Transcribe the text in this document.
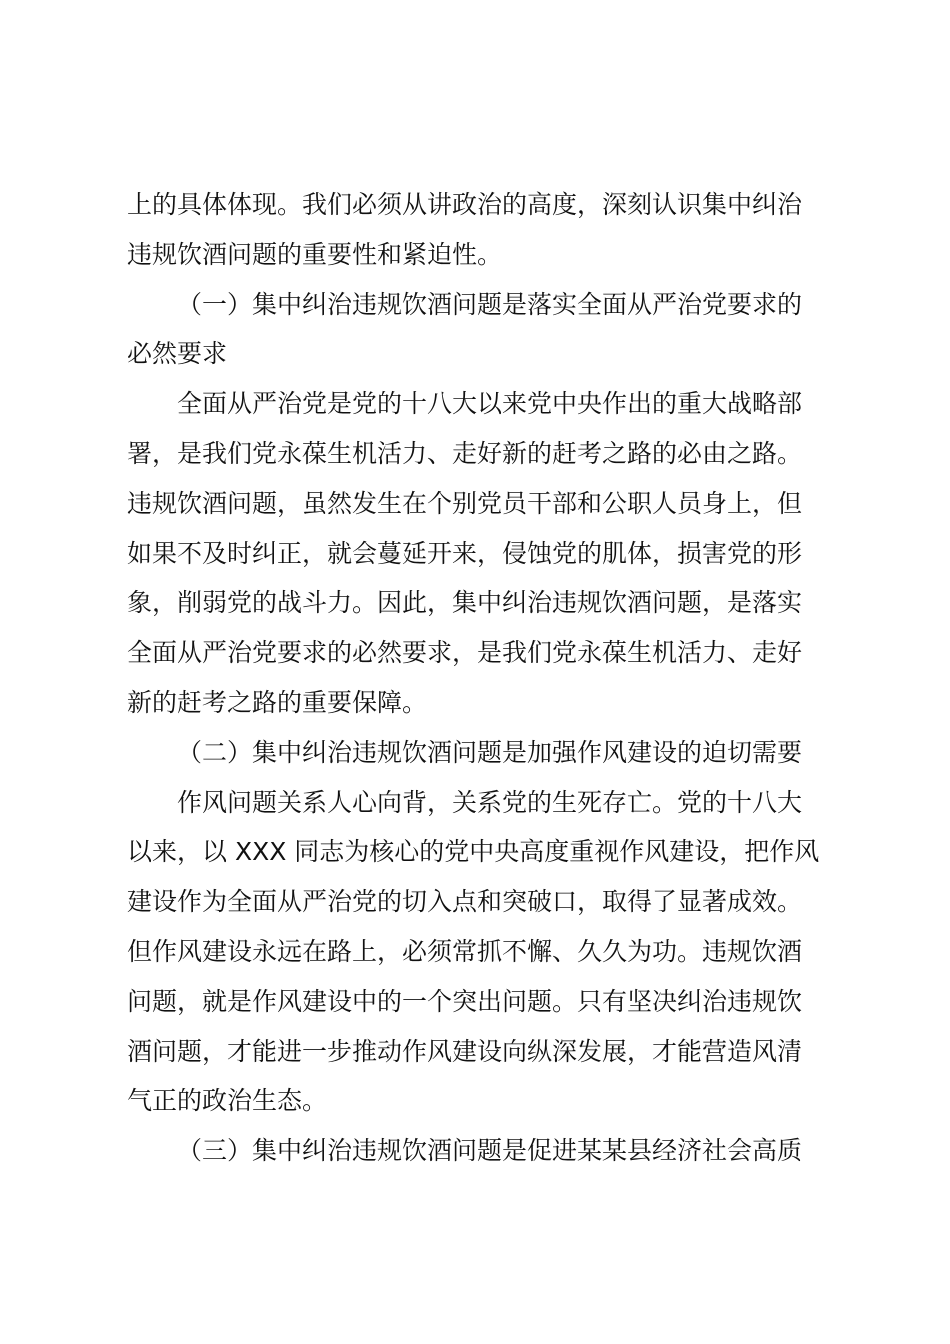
上的具体体现。我们必须从讲政治的高度，深刻认识集中纠治
违规饮酒问题的重要性和紧迫性。
（一）集中纠治违规饮酒问题是落实全面从严治党要求的
必然要求
全面从严治党是党的十八大以来党中央作出的重大战略部
署，是我们党永葆生机活力、走好新的赶考之路的必由之路。
违规饮酒问题，虽然发生在个别党员干部和公职人员身上，但
如果不及时纠正，就会蔓延开来，侵蚀党的肌体，损害党的形
象，削弱党的战斗力。因此，集中纠治违规饮酒问题，是落实
全面从严治党要求的必然要求，是我们党永葆生机活力、走好
新的赶考之路的重要保障。
（二）集中纠治违规饮酒问题是加强作风建设的迫切需要
作风问题关系人心向背，关系党的生死存亡。党的十八大
以来，以 XXX 同志为核心的党中央高度重视作风建设，把作风
建设作为全面从严治党的切入点和突破口，取得了显著成效。
但作风建设永远在路上，必须常抓不懈、久久为功。违规饮酒
问题，就是作风建设中的一个突出问题。只有坚决纠治违规饮
酒问题，才能进一步推动作风建设向纵深发展，才能营造风清
气正的政治生态。
（三）集中纠治违规饮酒问题是促进某某县经济社会高质
